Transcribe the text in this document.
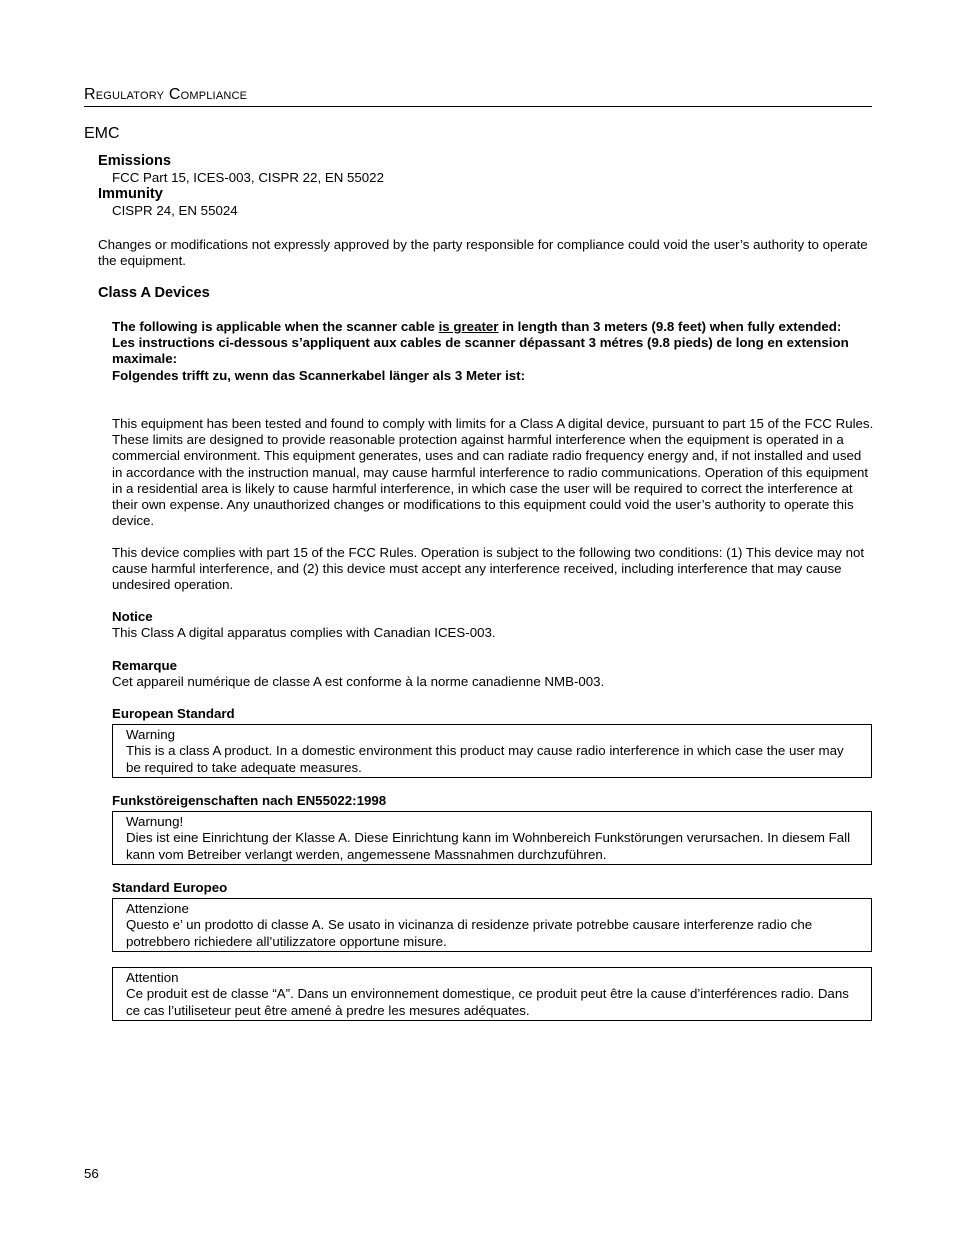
Regulatory Compliance
EMC
Emissions
FCC Part 15, ICES-003, CISPR 22, EN 55022
Immunity
CISPR 24, EN 55024
Changes or modifications not expressly approved by the party responsible for compliance could void the user’s authority to operate the equipment.
Class A Devices

The following is applicable when the scanner cable is greater in length than 3 meters (9.8 feet) when fully extended:

Les instructions ci-dessous s’appliquent aux cables de scanner dépassant 3 métres (9.8 pieds) de long en extension maximale:

Folgendes trifft zu, wenn das Scannerkabel länger als 3 Meter ist:

This equipment has been tested and found to comply with limits for a Class A digital device, pursuant to part 15 of the FCC Rules. These limits are designed to provide reasonable protection against harmful interference when the equipment is operated in a commercial environment. This equipment generates, uses and can radiate radio frequency energy and, if not installed and used in accordance with the instruction manual, may cause harmful interference to radio communications. Operation of this equipment in a residential area is likely to cause harmful interference, in which case the user will be required to correct the interference at their own expense. Any unauthorized changes or modifications to this equipment could void the user’s authority to operate this device.
This device complies with part 15 of the FCC Rules. Operation is subject to the following two conditions: (1) This device may not cause harmful interference, and (2) this device must accept any interference received, including interference that may cause undesired operation.
Notice
This Class A digital apparatus complies with Canadian ICES-003.
Remarque
Cet appareil numérique de classe A est conforme à la norme canadienne NMB-003.
European Standard
Warning
This is a class A product. In a domestic environment this product may cause radio interference in which case the user may be required to take adequate measures.
Funkstöreigenschaften nach EN55022:1998
Warnung!
Dies ist eine Einrichtung der Klasse A. Diese Einrichtung kann im Wohnbereich Funkstörungen verursachen. In diesem Fall kann vom Betreiber verlangt werden, angemessene Massnahmen durchzuführen.
Standard Europeo
Attenzione
Questo e’ un prodotto di classe A. Se usato in vicinanza di residenze private potrebbe causare interferenze radio che potrebbero richiedere all’utilizzatore opportune misure.
Attention
Ce produit est de classe “A”. Dans un environnement domestique, ce produit peut être la cause d’interférences radio. Dans ce cas l’utiliseteur peut être amené à predre les mesures adéquates.
56
